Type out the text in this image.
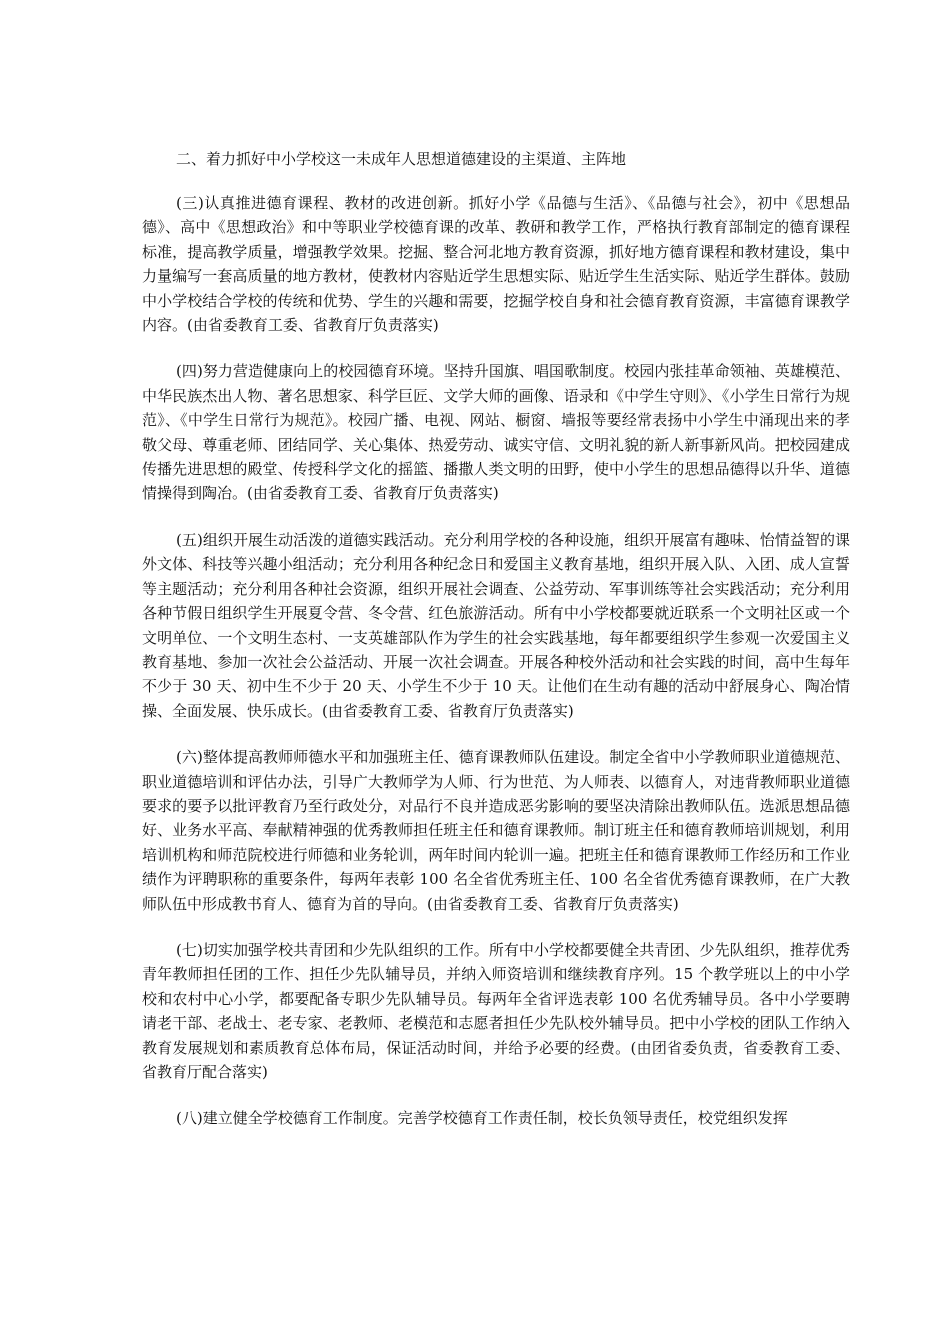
二、着力抓好中小学校这一未成年人思想道德建设的主渠道、主阵地

(三)认真推进德育课程、教材的改进创新。抓好小学《品德与生活》、《品德与社会》，初中《思想品德》、高中《思想政治》和中等职业学校德育课的改革、教研和教学工作，严格执行教育部制定的德育课程标准，提高教学质量，增强教学效果。挖掘、整合河北地方教育资源，抓好地方德育课程和教材建设，集中力量编写一套高质量的地方教材，使教材内容贴近学生思想实际、贴近学生生活实际、贴近学生群体。鼓励中小学校结合学校的传统和优势、学生的兴趣和需要，挖掘学校自身和社会德育教育资源，丰富德育课教学内容。(由省委教育工委、省教育厅负责落实)

(四)努力营造健康向上的校园德育环境。坚持升国旗、唱国歌制度。校园内张挂革命领袖、英雄模范、中华民族杰出人物、著名思想家、科学巨匠、文学大师的画像、语录和《中学生守则》、《小学生日常行为规范》、《中学生日常行为规范》。校园广播、电视、网站、橱窗、墙报等要经常表扬中小学生中涌现出来的孝敬父母、尊重老师、团结同学、关心集体、热爱劳动、诚实守信、文明礼貌的新人新事新风尚。把校园建成传播先进思想的殿堂、传授科学文化的摇篮、播撒人类文明的田野，使中小学生的思想品德得以升华、道德情操得到陶冶。(由省委教育工委、省教育厅负责落实)

(五)组织开展生动活泼的道德实践活动。充分利用学校的各种设施，组织开展富有趣味、怡情益智的课外文体、科技等兴趣小组活动；充分利用各种纪念日和爱国主义教育基地，组织开展入队、入团、成人宣誓等主题活动；充分利用各种社会资源，组织开展社会调查、公益劳动、军事训练等社会实践活动；充分利用各种节假日组织学生开展夏令营、冬令营、红色旅游活动。所有中小学校都要就近联系一个文明社区或一个文明单位、一个文明生态村、一支英雄部队作为学生的社会实践基地，每年都要组织学生参观一次爱国主义教育基地、参加一次社会公益活动、开展一次社会调查。开展各种校外活动和社会实践的时间，高中生每年不少于 30 天、初中生不少于 20 天、小学生不少于 10 天。让他们在生动有趣的活动中舒展身心、陶冶情操、全面发展、快乐成长。(由省委教育工委、省教育厅负责落实)

(六)整体提高教师师德水平和加强班主任、德育课教师队伍建设。制定全省中小学教师职业道德规范、职业道德培训和评估办法，引导广大教师学为人师、行为世范、为人师表、以德育人，对违背教师职业道德要求的要予以批评教育乃至行政处分，对品行不良并造成恶劣影响的要坚决清除出教师队伍。选派思想品德好、业务水平高、奉献精神强的优秀教师担任班主任和德育课教师。制订班主任和德育教师培训规划，利用培训机构和师范院校进行师德和业务轮训，两年时间内轮训一遍。把班主任和德育课教师工作经历和工作业绩作为评聘职称的重要条件，每两年表彰 100 名全省优秀班主任、100 名全省优秀德育课教师，在广大教师队伍中形成教书育人、德育为首的导向。(由省委教育工委、省教育厅负责落实)

(七)切实加强学校共青团和少先队组织的工作。所有中小学校都要健全共青团、少先队组织，推荐优秀青年教师担任团的工作、担任少先队辅导员，并纳入师资培训和继续教育序列。15 个教学班以上的中小学校和农村中心小学，都要配备专职少先队辅导员。每两年全省评选表彰 100 名优秀辅导员。各中小学要聘请老干部、老战士、老专家、老教师、老模范和志愿者担任少先队校外辅导员。把中小学校的团队工作纳入教育发展规划和素质教育总体布局，保证活动时间，并给予必要的经费。(由团省委负责，省委教育工委、省教育厅配合落实)

(八)建立健全学校德育工作制度。完善学校德育工作责任制，校长负领导责任，校党组织发挥
